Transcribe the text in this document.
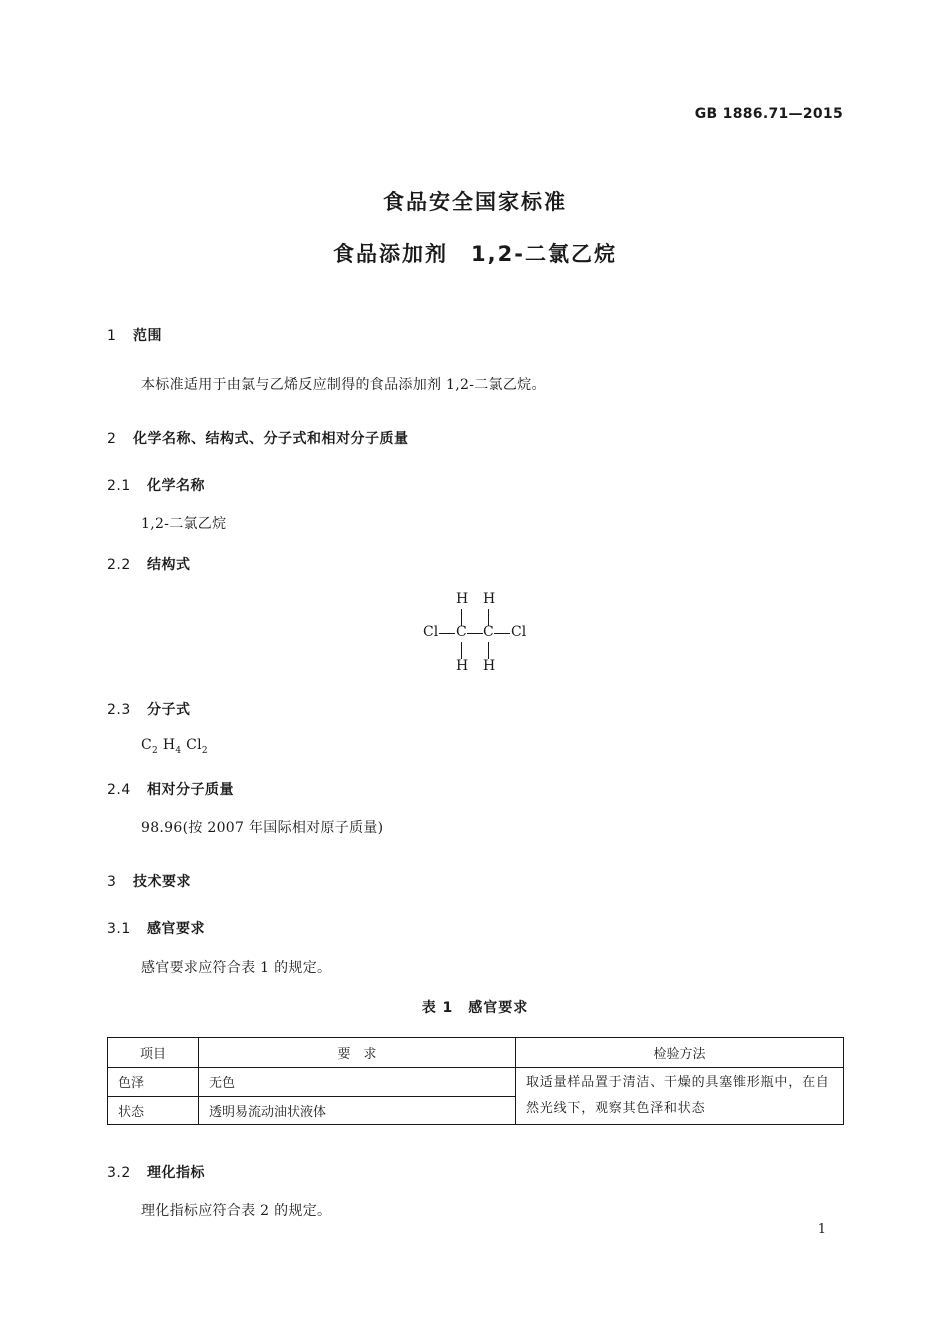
GB 1886.71—2015
食品安全国家标准
食品添加剂　1,2-二氯乙烷
1 范围
本标准适用于由氯与乙烯反应制得的食品添加剂 1,2-二氯乙烷。
2 化学名称、结构式、分子式和相对分子质量
2.1 化学名称
1,2-二氯乙烷
2.2 结构式
H H
Cl C C Cl
H H
2.3 分子式
$C_2$ $H_4$ $Cl_2$
2.4 相对分子质量
98.96(按 2007 年国际相对原子质量)
3 技术要求
3.1 感官要求
感官要求应符合表 1 的规定。
表 1　感官要求
项目	要　求	检验方法
色泽	无色	取适量样品置于清洁、干燥的具塞锥形瓶中，在自然光线下，观察其色泽和状态
状态	透明易流动油状液体	
3.2 理化指标
理化指标应符合表 2 的规定。
1
